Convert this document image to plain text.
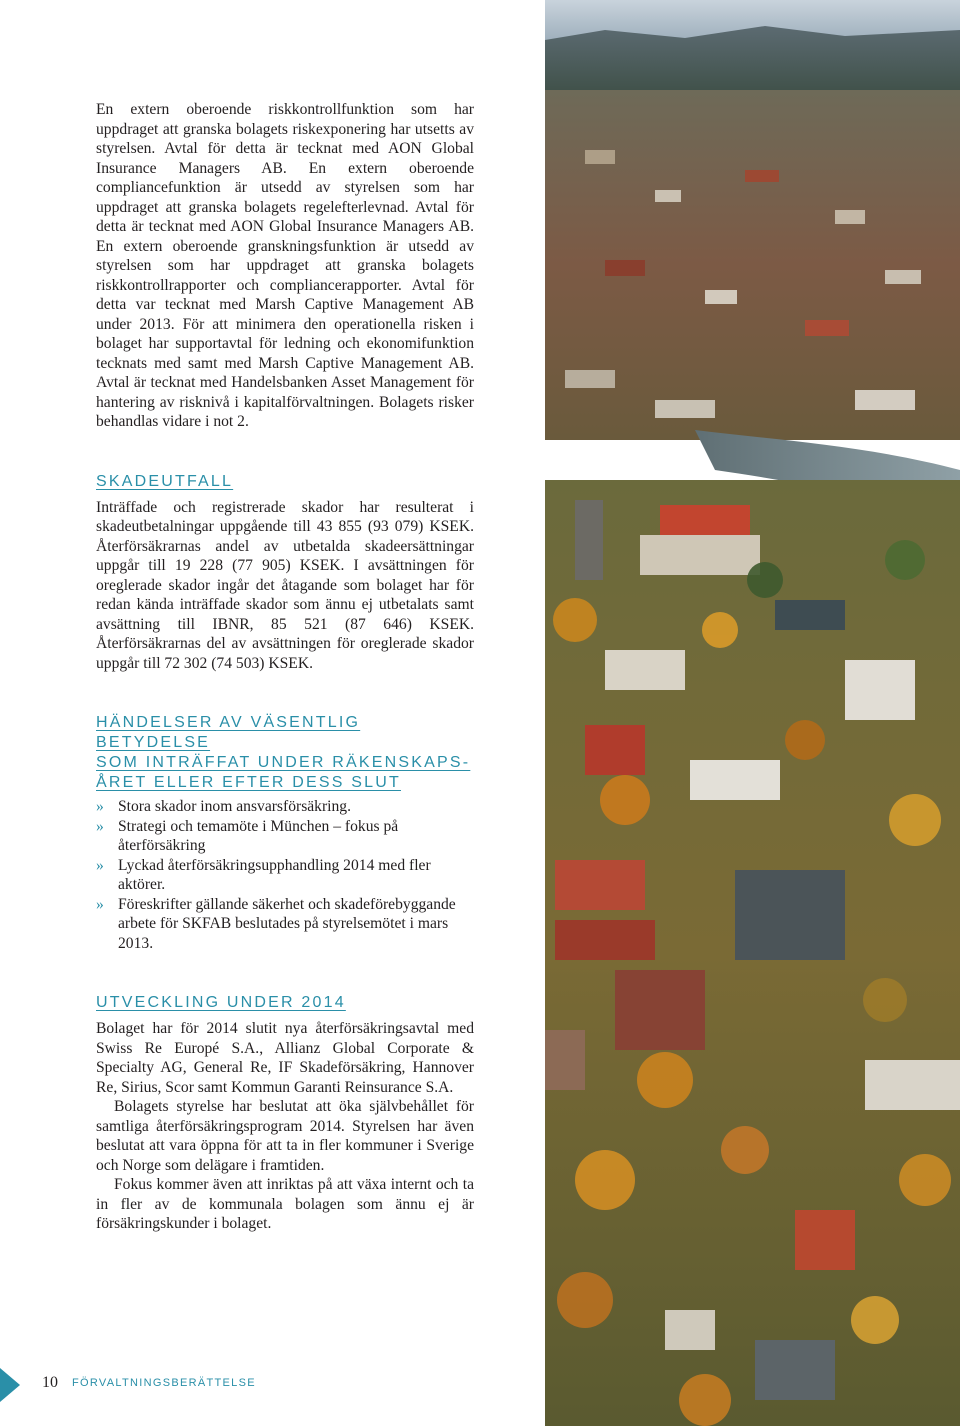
En extern oberoende riskkontrollfunktion som har uppdraget att granska bolagets riskexponering har utsetts av styrelsen. Avtal för detta är tecknat med AON Global Insurance Managers AB. En extern oberoende compliancefunktion är utsedd av styrelsen som har uppdraget att granska bolagets regelefterlevnad. Avtal för detta är tecknat med AON Global Insurance Managers AB. En extern oberoende granskningsfunktion är utsedd av styrelsen som har uppdraget att granska bolagets riskkontrollrapporter och compliancerapporter. Avtal för detta var tecknat med Marsh Captive Management AB under 2013. För att minimera den operationella risken i bolaget har supportavtal för ledning och ekonomifunktion tecknats med samt med Marsh Captive Management AB. Avtal är tecknat med Handelsbanken Asset Management för hantering av risknivå i kapitalförvaltningen. Bolagets risker behandlas vidare i not 2.

SKADEUTFALL

Inträffade och registrerade skador har resulterat i skadeutbetalningar uppgående till 43 855 (93 079) KSEK. Återförsäkrarnas andel av utbetalda skadeersättningar uppgår till 19 228 (77 905) KSEK. I avsättningen för oreglerade skador ingår det åtagande som bolaget har för redan kända inträffade skador som ännu ej utbetalats samt avsättning till IBNR, 85 521 (87 646) KSEK. Återförsäkrarnas del av avsättningen för oreglerade skador uppgår till 72 302 (74 503) KSEK.

HÄNDELSER AV VÄSENTLIG BETYDELSE
SOM INTRÄFFAT UNDER RÄKENSKAPS-
ÅRET ELLER EFTER DESS SLUT
» Stora skador inom ansvarsförsäkring.
» Strategi och temamöte i München – fokus på återförsäkring
» Lyckad återförsäkringsupphandling 2014 med fler aktörer.
» Föreskrifter gällande säkerhet och skadeförebyggande arbete för SKFAB beslutades på styrelsemötet i mars 2013.
UTVECKLING UNDER 2014

Bolaget har för 2014 slutit nya återförsäkringsavtal med Swiss Re Europé S.A., Allianz Global Corporate & Specialty AG, General Re, IF Skadeförsäkring, Hannover Re, Sirius, Scor samt Kommun Garanti Reinsurance S.A.

Bolagets styrelse har beslutat att öka självbehållet för samtliga återförsäkringsprogram 2014. Styrelsen har även beslutat att vara öppna för att ta in fler kommuner i Sverige och Norge som delägare i framtiden.

Fokus kommer även att inriktas på att växa internt och ta in fler av de kommunala bolagen som ännu ej är försäkringskunder i bolaget.

10 FÖRVALTNINGSBERÄTTELSE
